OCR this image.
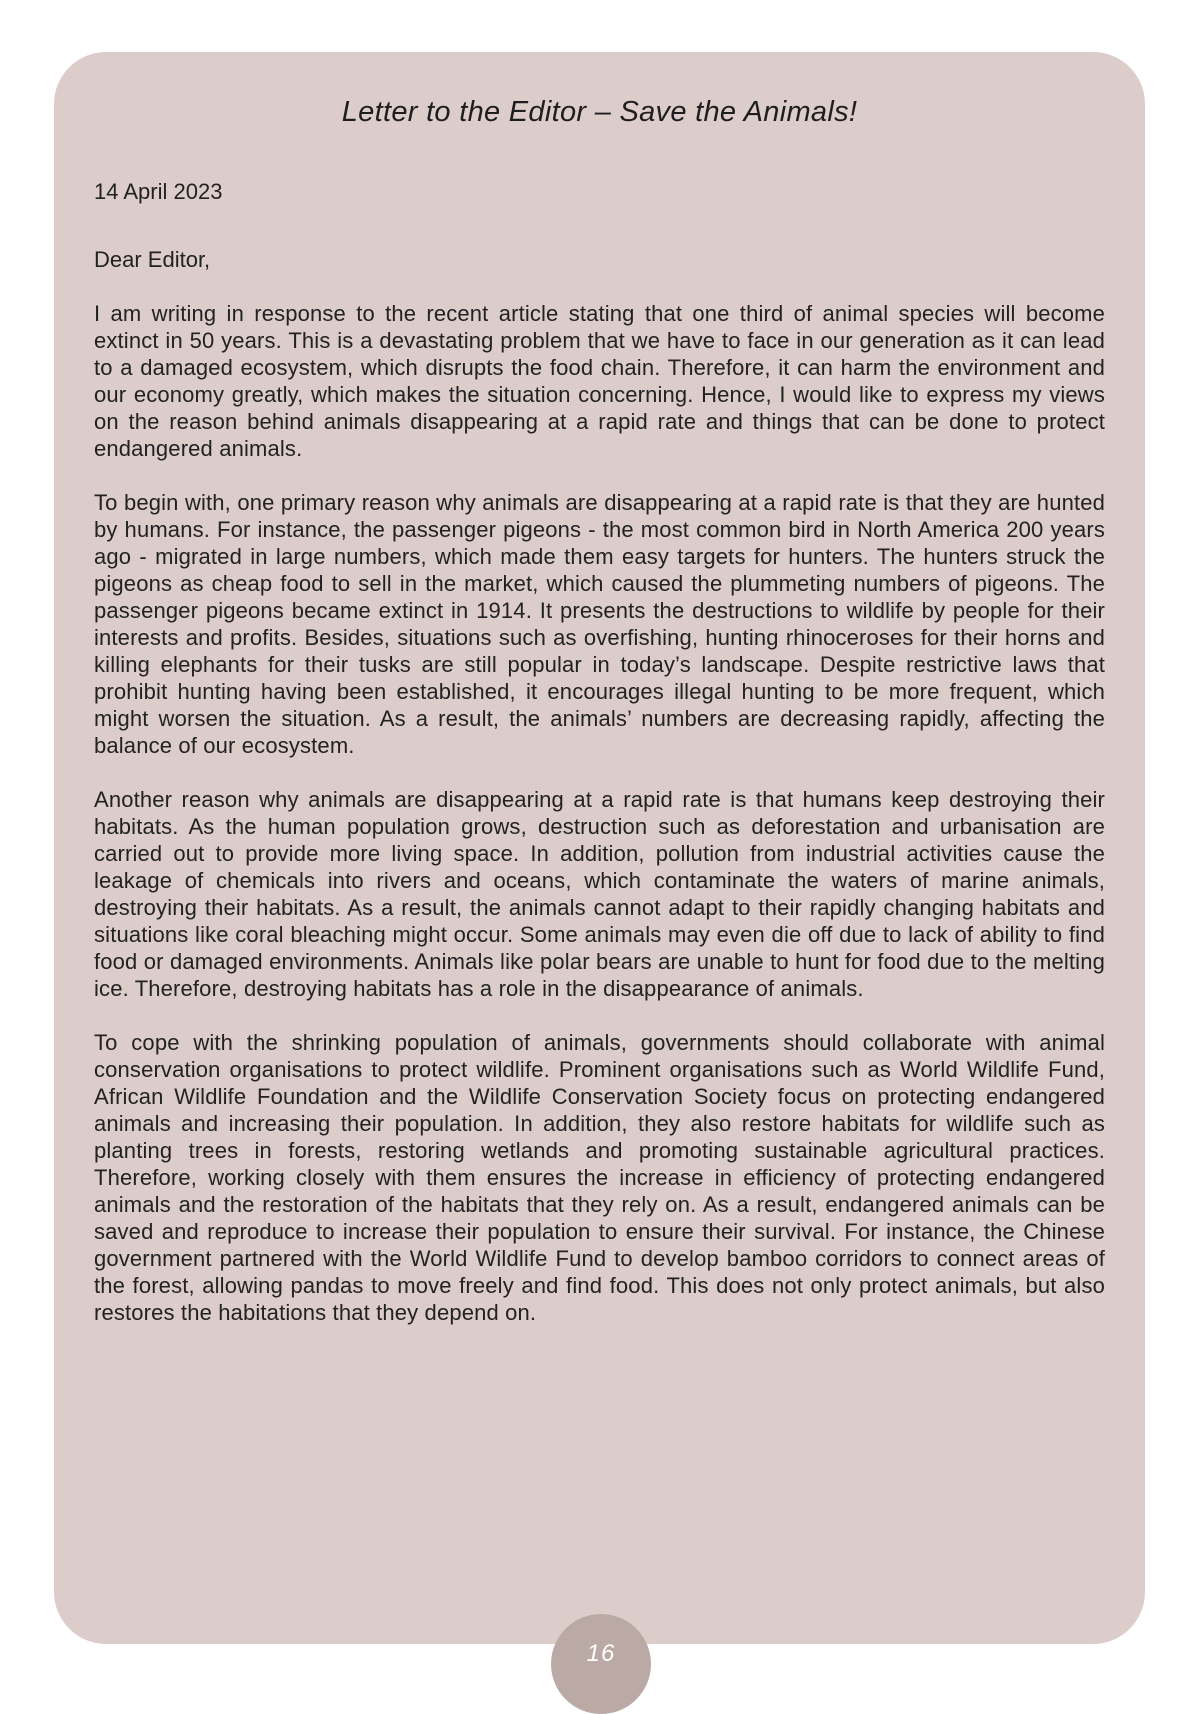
Letter to the Editor – Save the Animals!

14 April 2023

Dear Editor,

I am writing in response to the recent article stating that one third of animal species will become extinct in 50 years. This is a devastating problem that we have to face in our generation as it can lead to a damaged ecosystem, which disrupts the food chain. Therefore, it can harm the environment and our economy greatly, which makes the situation concerning. Hence, I would like to express my views on the reason behind animals disappearing at a rapid rate and things that can be done to protect endangered animals.

To begin with, one primary reason why animals are disappearing at a rapid rate is that they are hunted by humans. For instance, the passenger pigeons - the most common bird in North America 200 years ago - migrated in large numbers, which made them easy targets for hunters. The hunters struck the pigeons as cheap food to sell in the market, which caused the plummeting numbers of pigeons. The passenger pigeons became extinct in 1914. It presents the destructions to wildlife by people for their interests and profits. Besides, situations such as overfishing, hunting rhinoceroses for their horns and killing elephants for their tusks are still popular in today’s landscape. Despite restrictive laws that prohibit hunting having been established, it encourages illegal hunting to be more frequent, which might worsen the situation. As a result, the animals’ numbers are decreasing rapidly, affecting the balance of our ecosystem.

Another reason why animals are disappearing at a rapid rate is that humans keep destroying their habitats. As the human population grows, destruction such as deforestation and urbanisation are carried out to provide more living space. In addition, pollution from industrial activities cause the leakage of chemicals into rivers and oceans, which contaminate the waters of marine animals, destroying their habitats. As a result, the animals cannot adapt to their rapidly changing habitats and situations like coral bleaching might occur. Some animals may even die off due to lack of ability to find food or damaged environments. Animals like polar bears are unable to hunt for food due to the melting ice. Therefore, destroying habitats has a role in the disappearance of animals.

To cope with the shrinking population of animals, governments should collaborate with animal conservation organisations to protect wildlife. Prominent organisations such as World Wildlife Fund, African Wildlife Foundation and the Wildlife Conservation Society focus on protecting endangered animals and increasing their population. In addition, they also restore habitats for wildlife such as planting trees in forests, restoring wetlands and promoting sustainable agricultural practices. Therefore, working closely with them ensures the increase in efficiency of protecting endangered animals and the restoration of the habitats that they rely on. As a result, endangered animals can be saved and reproduce to increase their population to ensure their survival. For instance, the Chinese government partnered with the World Wildlife Fund to develop bamboo corridors to connect areas of the forest, allowing pandas to move freely and find food. This does not only protect animals, but also restores the habitations that they depend on.

16
